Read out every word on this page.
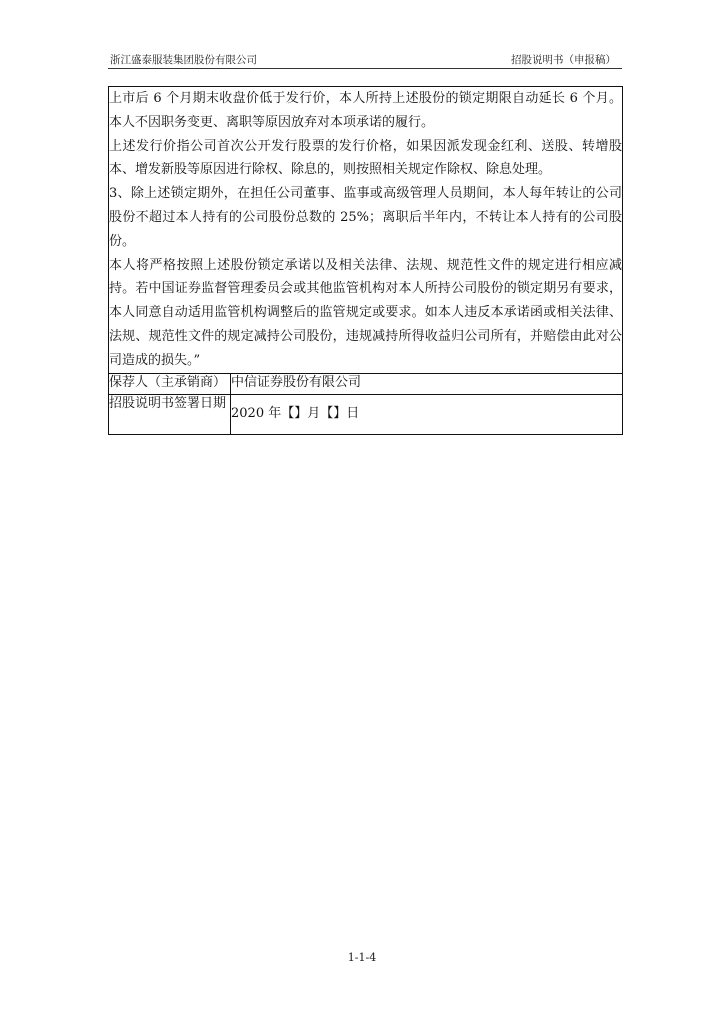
浙江盛泰服装集团股份有限公司	招股说明书（申报稿）

上市后 6 个月期末收盘价低于发行价，本人所持上述股份的锁定期限自动延长 6 个月。本人不因职务变更、离职等原因放弃对本项承诺的履行。

上述发行价指公司首次公开发行股票的发行价格，如果因派发现金红利、送股、转增股本、增发新股等原因进行除权、除息的，则按照相关规定作除权、除息处理。

3、除上述锁定期外，在担任公司董事、监事或高级管理人员期间，本人每年转让的公司股份不超过本人持有的公司股份总数的 25%；离职后半年内，不转让本人持有的公司股份。

本人将严格按照上述股份锁定承诺以及相关法律、法规、规范性文件的规定进行相应减持。若中国证券监督管理委员会或其他监管机构对本人所持公司股份的锁定期另有要求，本人同意自动适用监管机构调整后的监管规定或要求。如本人违反本承诺函或相关法律、法规、规范性文件的规定减持公司股份，违规减持所得收益归公司所有，并赔偿由此对公司造成的损失。”	

保荐人（主承销商）	中信证券股份有限公司
招股说明书签署日期	2020 年【】月【】日
1-1-4
